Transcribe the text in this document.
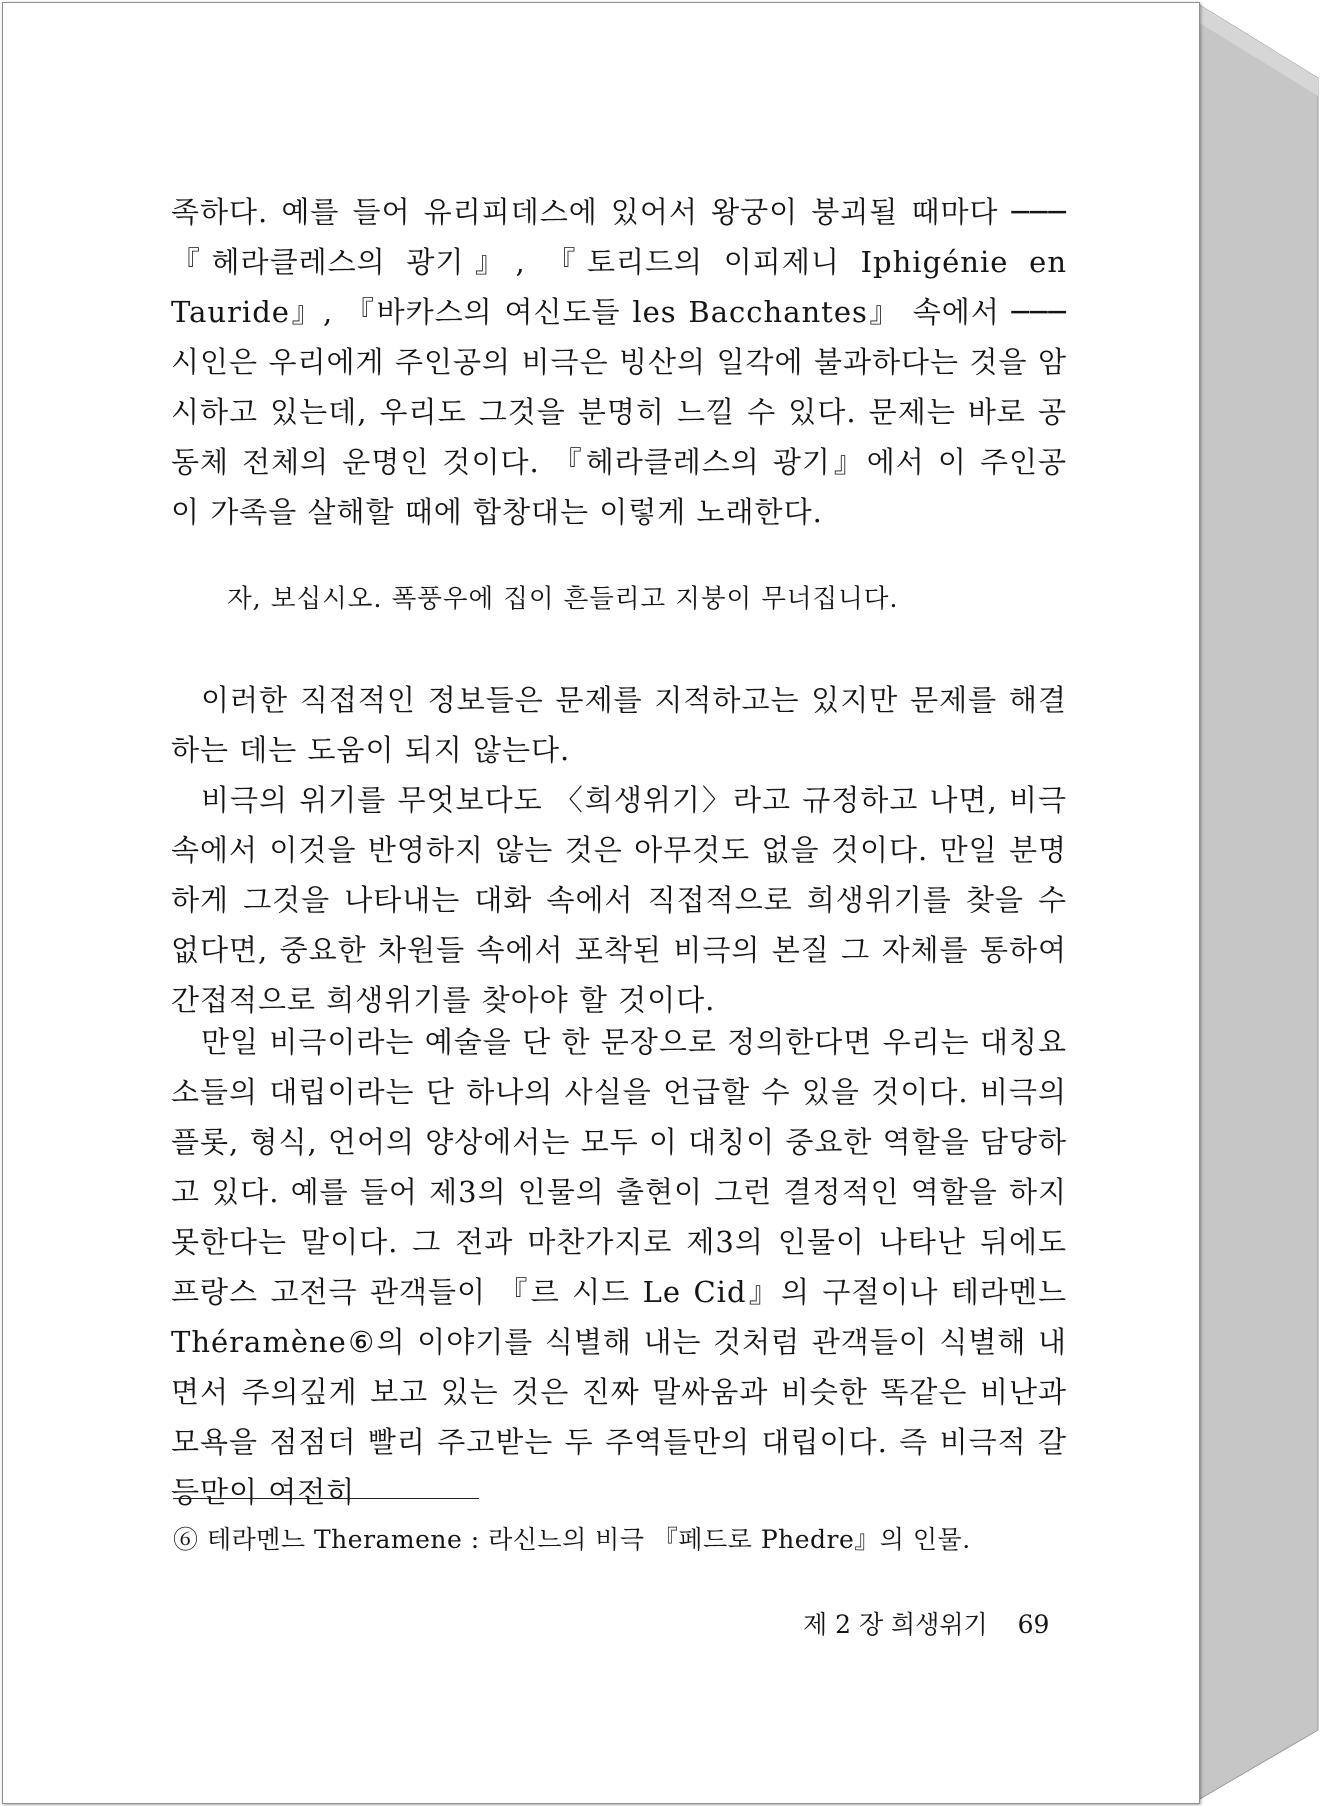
족하다. 예를 들어 유리피데스에 있어서 왕궁이 붕괴될 때마다 ─── 『헤라클레스의 광기』, 『토리드의 이피제니 Iphigénie en Tauride』, 『바카스의 여신도들 les Bacchantes』 속에서 ─── 시인은 우리에게 주인공의 비극은 빙산의 일각에 불과하다는 것을 암시하고 있는데, 우리도 그것을 분명히 느낄 수 있다. 문제는 바로 공동체 전체의 운명인 것이다. 『헤라클레스의 광기』에서 이 주인공이 가족을 살해할 때에 합창대는 이렇게 노래한다.

자, 보십시오. 폭풍우에 집이 흔들리고 지붕이 무너집니다.

이러한 직접적인 정보들은 문제를 지적하고는 있지만 문제를 해결하는 데는 도움이 되지 않는다.

비극의 위기를 무엇보다도 〈희생위기〉라고 규정하고 나면, 비극 속에서 이것을 반영하지 않는 것은 아무것도 없을 것이다. 만일 분명하게 그것을 나타내는 대화 속에서 직접적으로 희생위기를 찾을 수 없다면, 중요한 차원들 속에서 포착된 비극의 본질 그 자체를 통하여 간접적으로 희생위기를 찾아야 할 것이다.

만일 비극이라는 예술을 단 한 문장으로 정의한다면 우리는 대칭요소들의 대립이라는 단 하나의 사실을 언급할 수 있을 것이다. 비극의 플롯, 형식, 언어의 양상에서는 모두 이 대칭이 중요한 역할을 담당하고 있다. 예를 들어 제3의 인물의 출현이 그런 결정적인 역할을 하지 못한다는 말이다. 그 전과 마찬가지로 제3의 인물이 나타난 뒤에도 프랑스 고전극 관객들이 『르 시드 Le Cid』의 구절이나 테라멘느 Théramène⑥의 이야기를 식별해 내는 것처럼 관객들이 식별해 내면서 주의깊게 보고 있는 것은 진짜 말싸움과 비슷한 똑같은 비난과 모욕을 점점더 빨리 주고받는 두 주역들만의 대립이다. 즉 비극적 갈등만이 여전히

⑥ 테라멘느 Theramene : 라신느의 비극 『페드로 Phedre』의 인물.

제 2 장 희생위기 69
